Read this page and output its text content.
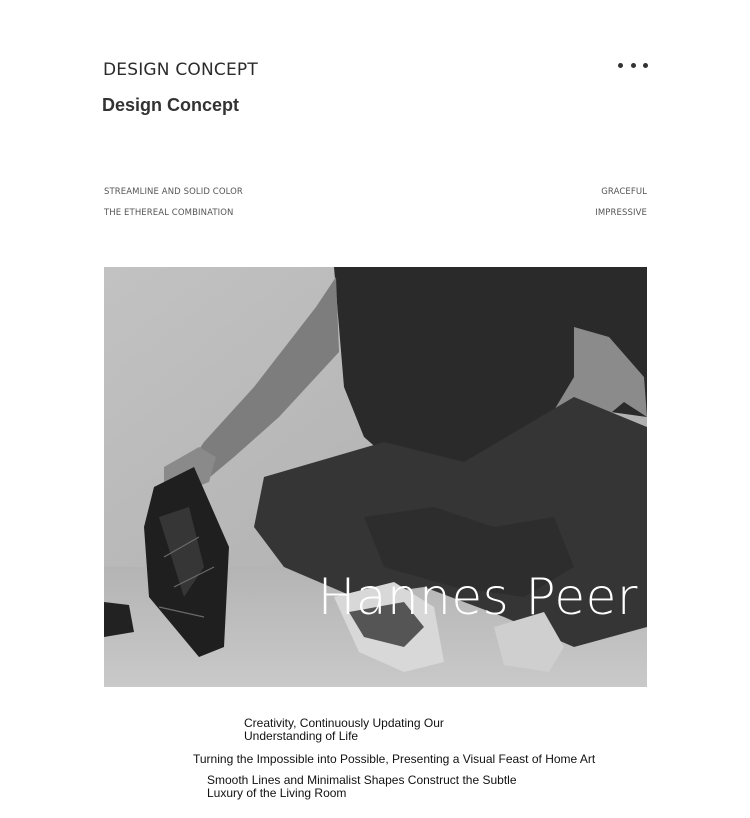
DESIGN CONCEPT
Design Concept

STREAMLINE AND SOLID COLOR

THE ETHEREAL COMBINATION

GRACEFUL

IMPRESSIVE

Hannes Peer

Creativity, Continuously Updating Our Understanding of Life

Turning the Impossible into Possible, Presenting a Visual Feast of Home Art

Smooth Lines and Minimalist Shapes Construct the Subtle Luxury of the Living Room
